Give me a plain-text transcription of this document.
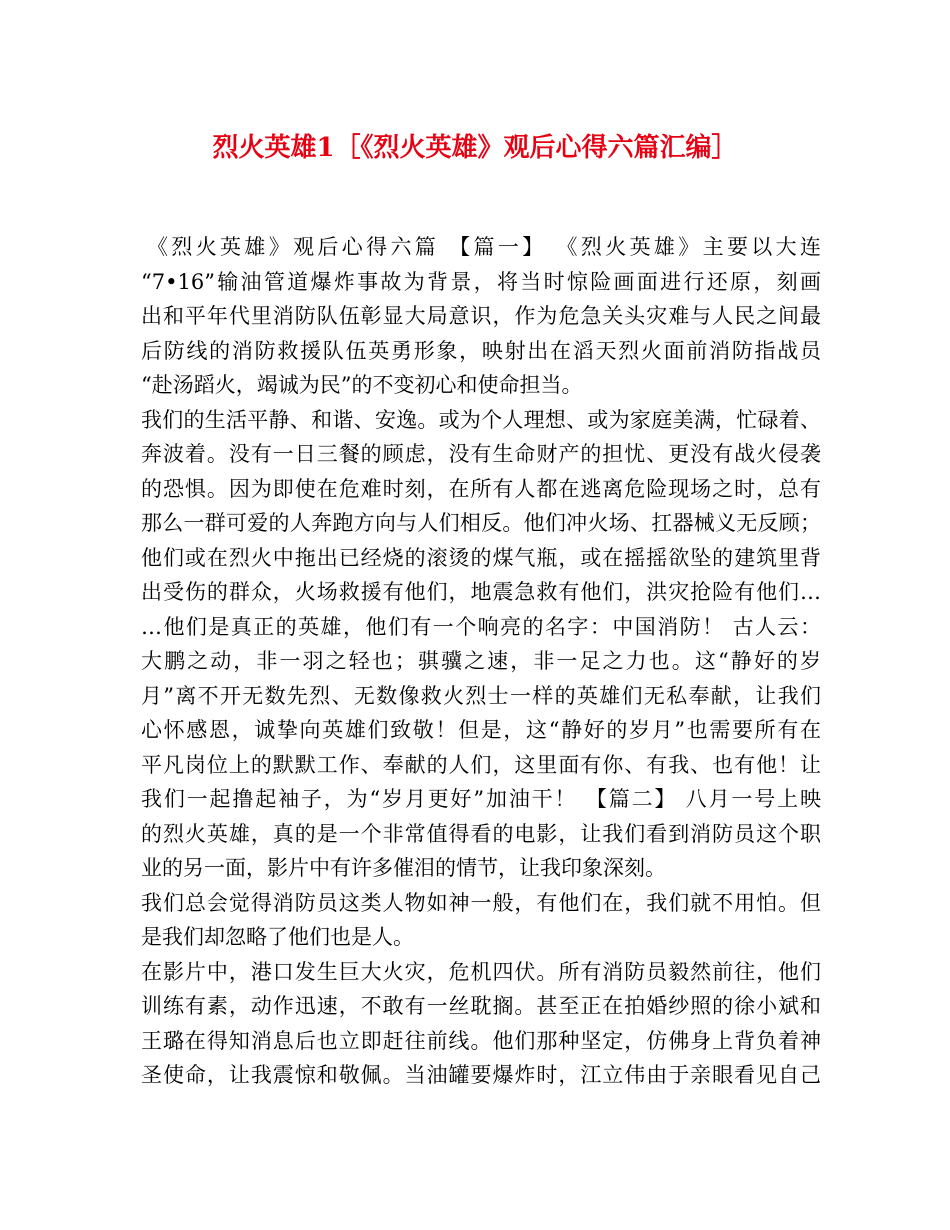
烈火英雄1［《烈火英雄》观后心得六篇汇编］
《烈火英雄》观后心得六篇 【篇一】 《烈火英雄》主要以大连
“7•16”输油管道爆炸事故为背景，将当时惊险画面进行还原，刻画
出和平年代里消防队伍彰显大局意识，作为危急关头灾难与人民之间最
后防线的消防救援队伍英勇形象，映射出在滔天烈火面前消防指战员
“赴汤蹈火，竭诚为民”的不变初心和使命担当。
我们的生活平静、和谐、安逸。或为个人理想、或为家庭美满，忙碌着、
奔波着。没有一日三餐的顾虑，没有生命财产的担忧、更没有战火侵袭
的恐惧。因为即使在危难时刻，在所有人都在逃离危险现场之时，总有
那么一群可爱的人奔跑方向与人们相反。他们冲火场、扛器械义无反顾；
他们或在烈火中拖出已经烧的滚烫的煤气瓶，或在摇摇欲坠的建筑里背
出受伤的群众，火场救援有他们，地震急救有他们，洪灾抢险有他们…
…他们是真正的英雄，他们有一个响亮的名字：中国消防！ 古人云：
大鹏之动，非一羽之轻也；骐骥之速，非一足之力也。这“静好的岁
月”离不开无数先烈、无数像救火烈士一样的英雄们无私奉献，让我们
心怀感恩，诚挚向英雄们致敬！但是，这“静好的岁月”也需要所有在
平凡岗位上的默默工作、奉献的人们，这里面有你、有我、也有他！让
我们一起撸起袖子，为“岁月更好”加油干！ 【篇二】 八月一号上映
的烈火英雄，真的是一个非常值得看的电影，让我们看到消防员这个职
业的另一面，影片中有许多催泪的情节，让我印象深刻。
我们总会觉得消防员这类人物如神一般，有他们在，我们就不用怕。但
是我们却忽略了他们也是人。
在影片中，港口发生巨大火灾，危机四伏。所有消防员毅然前往，他们
训练有素，动作迅速，不敢有一丝耽搁。甚至正在拍婚纱照的徐小斌和
王璐在得知消息后也立即赶往前线。他们那种坚定，仿佛身上背负着神
圣使命，让我震惊和敬佩。当油罐要爆炸时，江立伟由于亲眼看见自己
